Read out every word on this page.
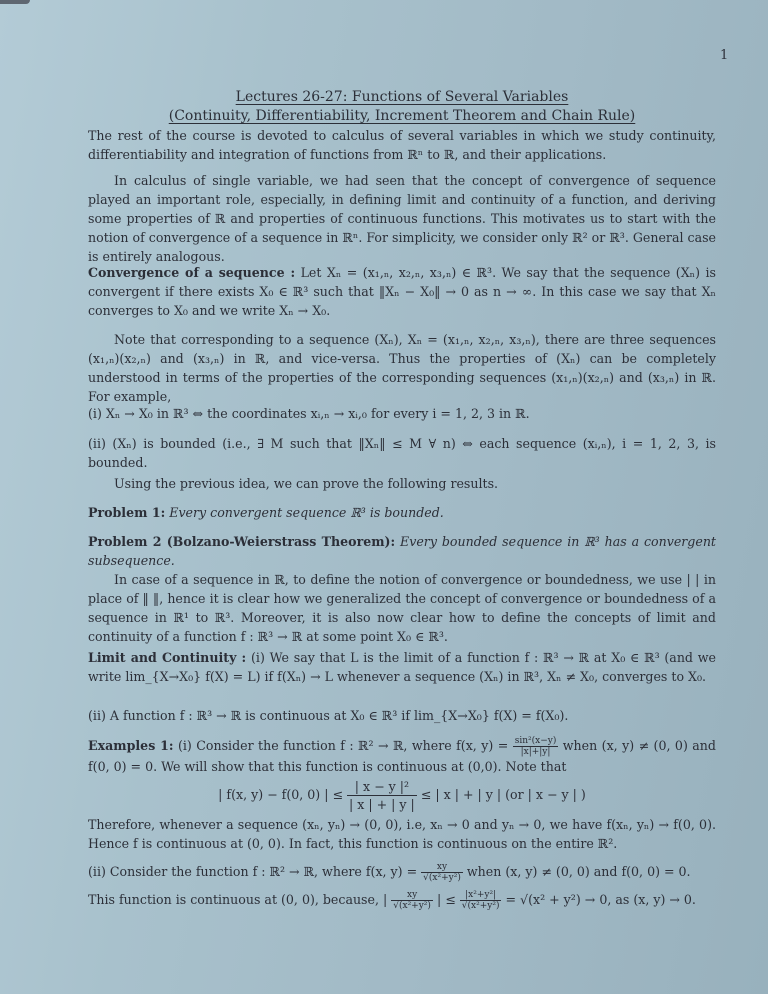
1
Lectures 26-27: Functions of Several Variables
(Continuity, Differentiability, Increment Theorem and Chain Rule)
The rest of the course is devoted to calculus of several variables in which we study continuity, differentiability and integration of functions from ℝⁿ to ℝ, and their applications.
In calculus of single variable, we had seen that the concept of convergence of sequence played an important role, especially, in defining limit and continuity of a function, and deriving some properties of ℝ and properties of continuous functions. This motivates us to start with the notion of convergence of a sequence in ℝⁿ. For simplicity, we consider only ℝ² or ℝ³. General case is entirely analogous.
Convergence of a sequence : Let Xₙ = (x₁,ₙ, x₂,ₙ, x₃,ₙ) ∈ ℝ³. We say that the sequence (Xₙ) is convergent if there exists X₀ ∈ ℝ³ such that ‖Xₙ − X₀‖ → 0 as n → ∞. In this case we say that Xₙ converges to X₀ and we write Xₙ → X₀.
Note that corresponding to a sequence (Xₙ), Xₙ = (x₁,ₙ, x₂,ₙ, x₃,ₙ), there are three sequences (x₁,ₙ)(x₂,ₙ) and (x₃,ₙ) in ℝ, and vice-versa. Thus the properties of (Xₙ) can be completely understood in terms of the properties of the corresponding sequences (x₁,ₙ)(x₂,ₙ) and (x₃,ₙ) in ℝ. For example,
(i) Xₙ → X₀ in ℝ³ ⇔ the coordinates xᵢ,ₙ → xᵢ,₀ for every i = 1, 2, 3 in ℝ.
(ii) (Xₙ) is bounded (i.e., ∃ M such that ‖Xₙ‖ ≤ M ∀ n) ⇔ each sequence (xᵢ,ₙ), i = 1, 2, 3, is bounded.
Using the previous idea, we can prove the following results.
Problem 1: Every convergent sequence ℝ³ is bounded.
Problem 2 (Bolzano-Weierstrass Theorem): Every bounded sequence in ℝ³ has a convergent subsequence.
In case of a sequence in ℝ, to define the notion of convergence or boundedness, we use | | in place of ‖ ‖, hence it is clear how we generalized the concept of convergence or boundedness of a sequence in ℝ¹ to ℝ³. Moreover, it is also now clear how to define the concepts of limit and continuity of a function f : ℝ³ → ℝ at some point X₀ ∈ ℝ³.
Limit and Continuity : (i) We say that L is the limit of a function f : ℝ³ → ℝ at X₀ ∈ ℝ³ (and we write lim_{X→X₀} f(X) = L) if f(Xₙ) → L whenever a sequence (Xₙ) in ℝ³, Xₙ ≠ X₀, converges to X₀.
(ii) A function f : ℝ³ → ℝ is continuous at X₀ ∈ ℝ³ if lim_{X→X₀} f(X) = f(X₀).
Examples 1: (i) Consider the function f : ℝ² → ℝ, where f(x, $y) = \frac{\text{sin²(x−y)}}{|x|+|y|}$ when (x, y) ≠ (0, 0) and f(0, 0) = 0. We will show that this function is continuous at (0,0). Note that
| f(x, y) − f(0, 0) | ≤ $\frac{\text{| x − y |²}}{| x | + | y |}$ ≤ | x | + | y | (or | x − y | )
Therefore, whenever a sequence (xₙ, yₙ) → (0, 0), i.e, xₙ → 0 and yₙ → 0, we have f(xₙ, yₙ) → f(0, 0). Hence f is continuous at (0, 0). In fact, this function is continuous on the entire ℝ².
(ii) Consider the function f : ℝ² → ℝ, where f(x, $y) = \frac{xy}{\text{√(x²+y²)}}$ when (x, y) ≠ (0, 0) and f(0, 0) = 0.
This function is continuous at (0, 0), because, | $\frac{xy}{\text{√(x²+y²)}}$ | ≤ $\frac{\text{|x²+y²|}}{\text{√(x²+y²)}} = √(x^2 + y^2) \to 0$, as (x, y) → 0.
